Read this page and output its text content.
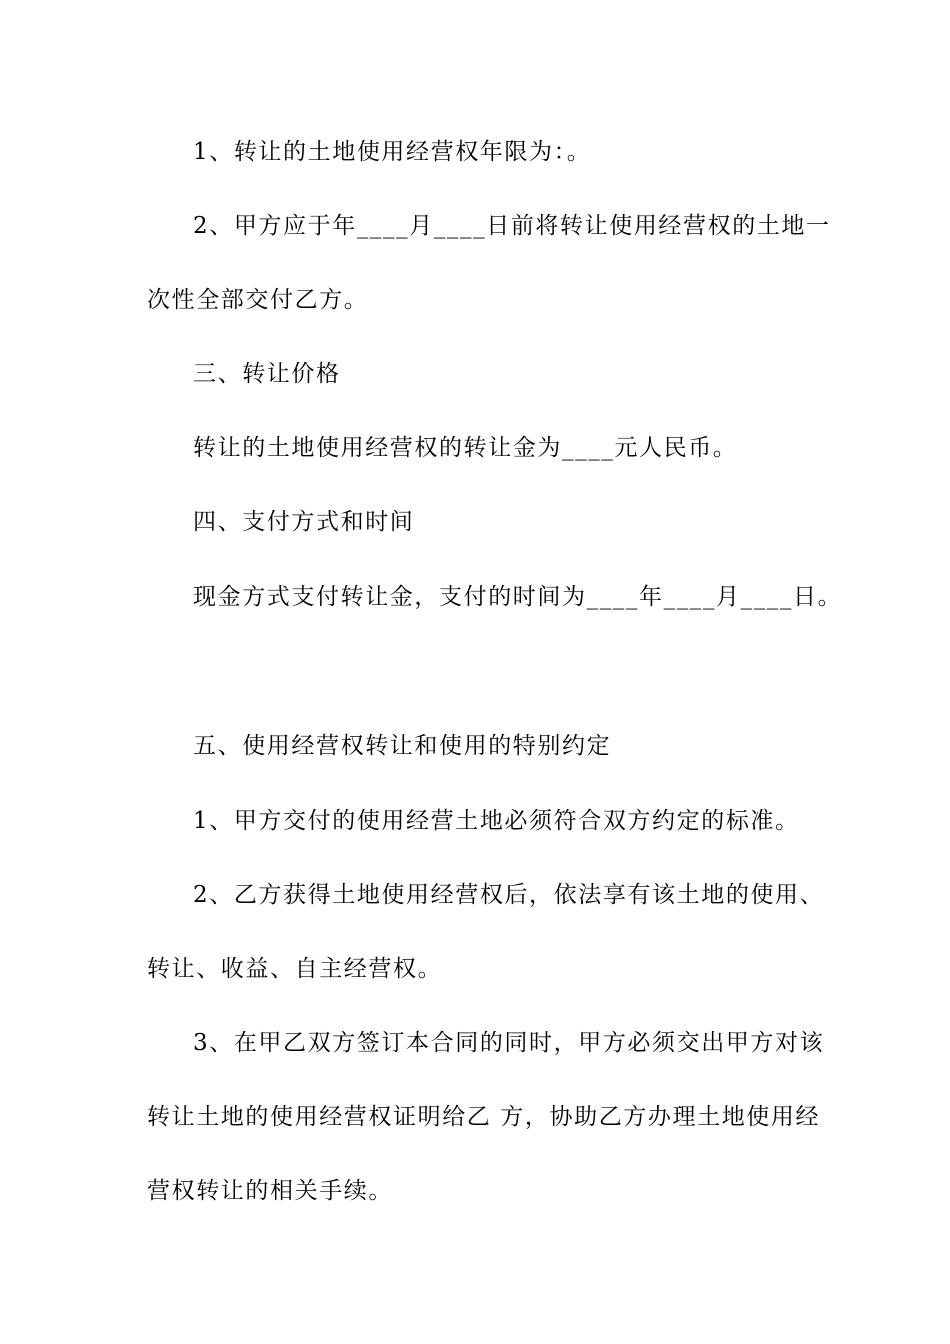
1、转让的土地使用经营权年限为：。
2、甲方应于年____月____日前将转让使用经营权的土地一
次性全部交付乙方。
三、转让价格
转让的土地使用经营权的转让金为____元人民币。
四、支付方式和时间
现金方式支付转让金，支付的时间为____年____月____日。
五、使用经营权转让和使用的特别约定
1、甲方交付的使用经营土地必须符合双方约定的标准。
2、乙方获得土地使用经营权后，依法享有该土地的使用、
转让、收益、自主经营权。
3、在甲乙双方签订本合同的同时，甲方必须交出甲方对该
转让土地的使用经营权证明给乙 方，协助乙方办理土地使用经
营权转让的相关手续。
